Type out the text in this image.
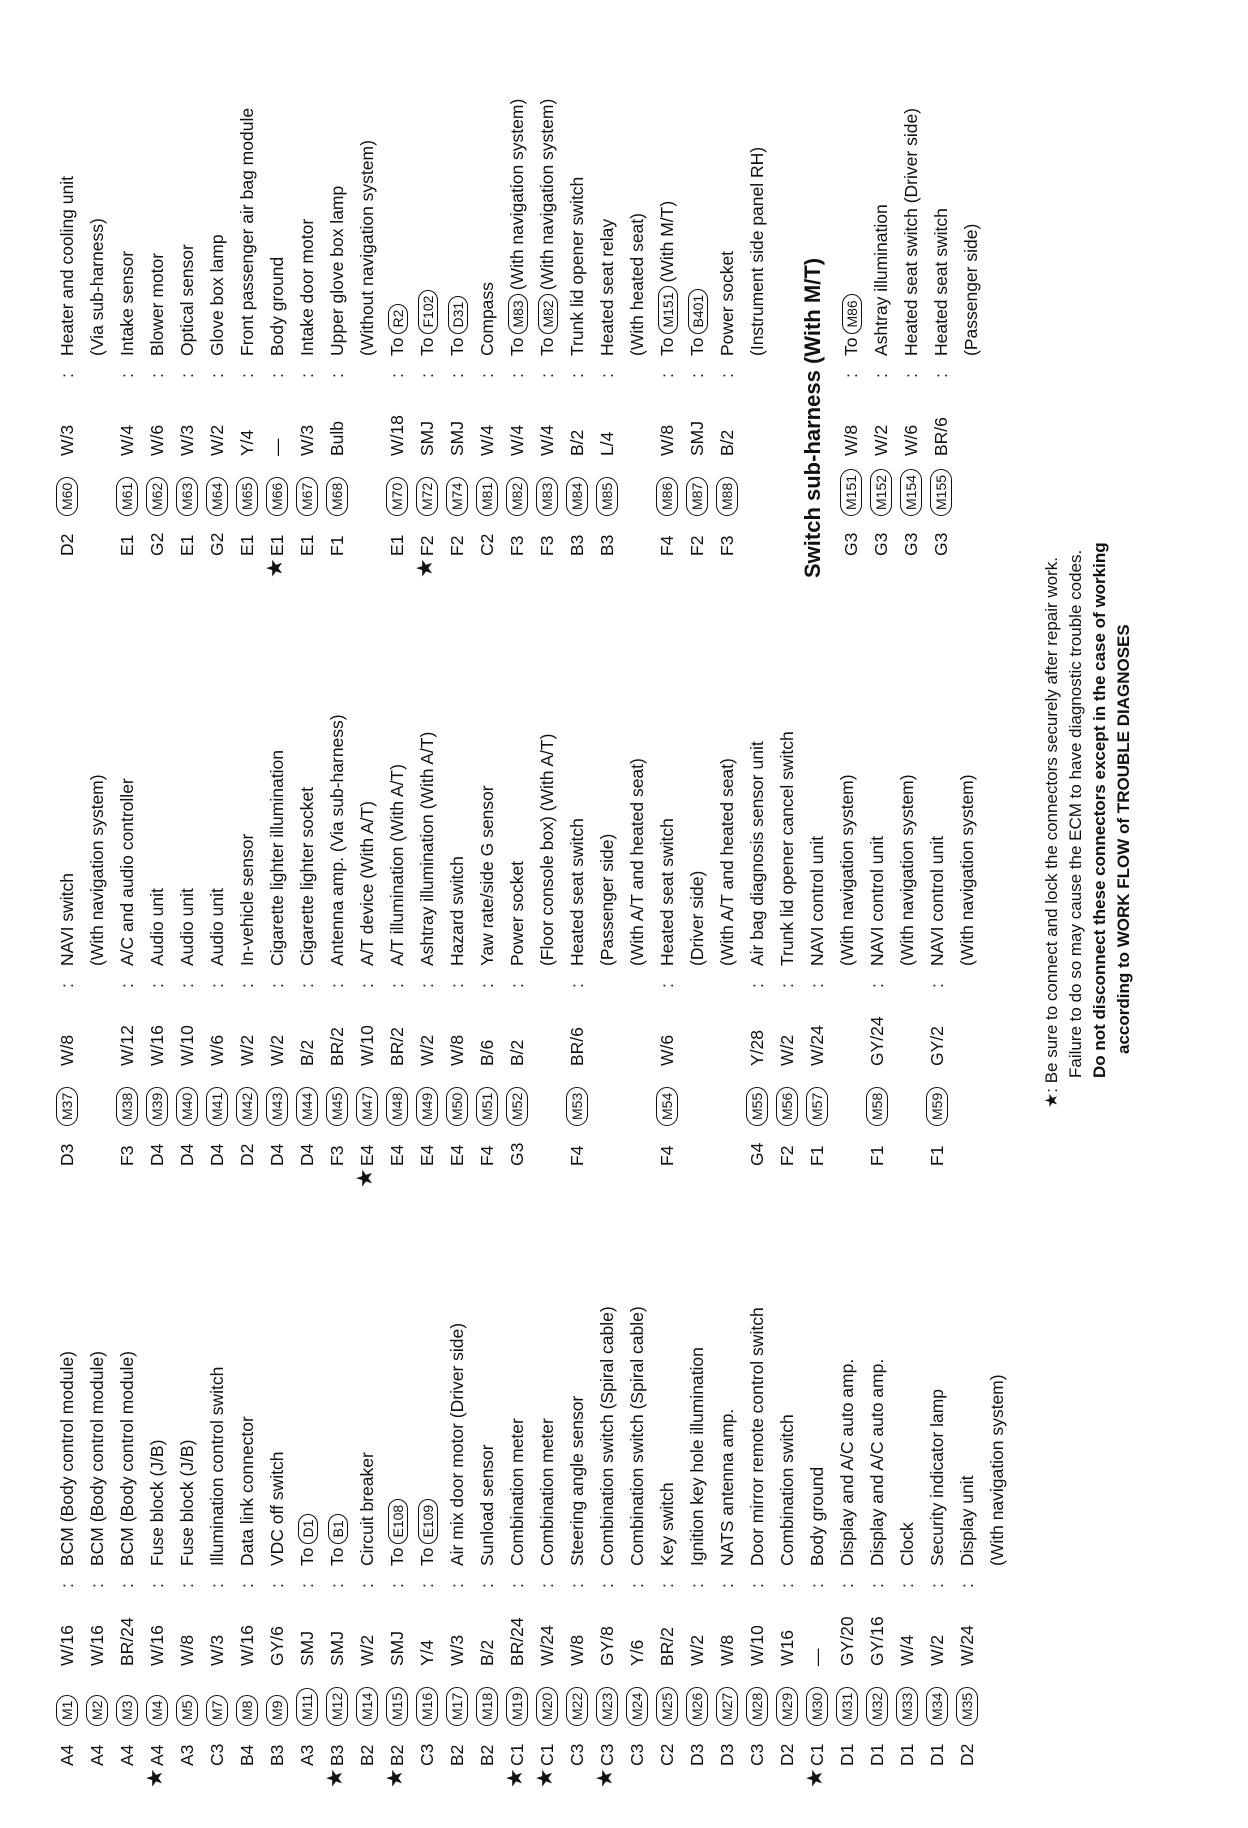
A4
M1
W/16
:
BCM (Body control module)
A4
M2
W/16
:
BCM (Body control module)
A4
M3
BR/24
:
BCM (Body control module)
★
A4
M4
W/16
:
Fuse block (J/B)
A3
M5
W/8
:
Fuse block (J/B)
C3
M7
W/3
:
Illumination control switch
B4
M8
W/16
:
Data link connector
B3
M9
GY/6
:
VDC off switch
A3
M11
SMJ
:
ToD1
★
B3
M12
SMJ
:
ToB1
B2
M14
W/2
:
Circuit breaker
★
B2
M15
SMJ
:
ToE108
C3
M16
Y/4
:
ToE109
B2
M17
W/3
:
Air mix door motor (Driver side)
B2
M18
B/2
:
Sunload sensor
★
C1
M19
BR/24
:
Combination meter
★
C1
M20
W/24
:
Combination meter
C3
M22
W/8
:
Steering angle sensor
★
C3
M23
GY/8
:
Combination switch (Spiral cable)
C3
M24
Y/6
:
Combination switch (Spiral cable)
C2
M25
BR/2
:
Key switch
D3
M26
W/2
:
Ignition key hole illumination
D3
M27
W/8
:
NATS antenna amp.
C3
M28
W/10
:
Door mirror remote control switch
D2
M29
W16
:
Combination switch
★
C1
M30
—
:
Body ground
D1
M31
GY/20
:
Display and A/C auto amp.
D1
M32
GY/16
:
Display and A/C auto amp.
D1
M33
W/4
:
Clock
D1
M34
W/2
:
Security indicator lamp
D2
M35
W/24
:
Display unit (With navigation system)
D3
M37
W/8
:
NAVI switch (With navigation system)
F3
M38
W/12
:
A/C and audio controller
D4
M39
W/16
:
Audio unit
D4
M40
W/10
:
Audio unit
D4
M41
W/6
:
Audio unit
D2
M42
W/2
:
In-vehicle sensor
D4
M43
W/2
:
Cigarette lighter illumination
D4
M44
B/2
:
Cigarette lighter socket
F3
M45
BR/2
:
Antenna amp. (Via sub-harness)
★
E4
M47
W/10
:
A/T device (With A/T)
E4
M48
BR/2
:
A/T illumination (With A/T)
E4
M49
W/2
:
Ashtray illumination (With A/T)
E4
M50
W/8
:
Hazard switch
F4
M51
B/6
:
Yaw rate/side G sensor
G3
M52
B/2
:
Power socket (Floor console box) (With A/T)
F4
M53
BR/6
:
Heated seat switch (Passenger side) (With A/T and heated seat)
F4
M54
W/6
:
Heated seat switch (Driver side) (With A/T and heated seat)
G4
M55
Y/28
:
Air bag diagnosis sensor unit
F2
M56
W/2
:
Trunk lid opener cancel switch
F1
M57
W/24
:
NAVI control unit (With navigation system)
F1
M58
GY/24
:
NAVI control unit (With navigation system)
F1
M59
GY/2
:
NAVI control unit (With navigation system)
D2
M60
W/3
:
Heater and cooling unit (Via sub-harness)
E1
M61
W/4
:
Intake sensor
G2
M62
W/6
:
Blower motor
E1
M63
W/3
:
Optical sensor
G2
M64
W/2
:
Glove box lamp
E1
M65
Y/4
:
Front passenger air bag module
★
E1
M66
—
:
Body ground
E1
M67
W/3
:
Intake door motor
F1
M68
Bulb
:
Upper glove box lamp (Without navigation system)
E1
M70
W/18
:
ToR2
★
F2
M72
SMJ
:
ToF102
F2
M74
SMJ
:
ToD31
C2
M81
W/4
:
Compass
F3
M82
W/4
:
ToM83(With navigation system)
F3
M83
W/4
:
ToM82(With navigation system)
B3
M84
B/2
:
Trunk lid opener switch
B3
M85
L/4
:
Heated seat relay (With heated seat)
F4
M86
W/8
:
ToM151(With M/T)
F2
M87
SMJ
:
ToB401
F3
M88
B/2
:
Power socket (Instrument side panel RH)
Switch sub-harness (With M/T) G3
M151
W/8
:
ToM86
G3
M152
W/2
:
Ashtray illumination
G3
M154
W/6
:
Heated seat switch (Driver side)
G3
M155
BR/6
:
Heated seat switch (Passenger side)
★: Be sure to connect and lock the connectors securely after repair work. Failure to do so may cause the ECM to have diagnostic trouble codes. Do not disconnect these connectors except in the case of working according to WORK FLOW of TROUBLE DIAGNOSES
